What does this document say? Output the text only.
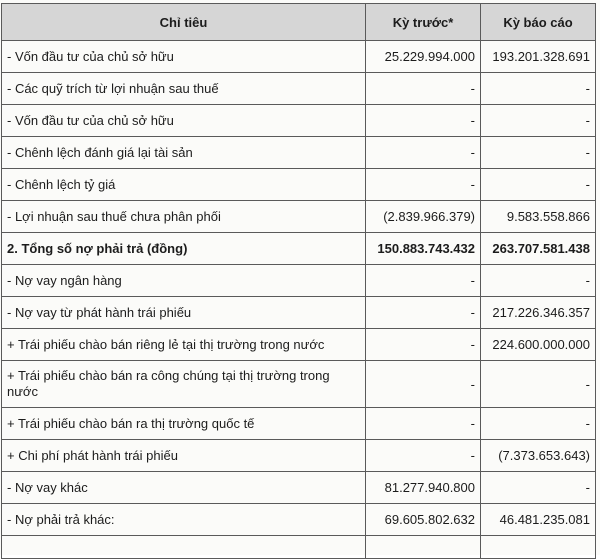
Chỉ tiêu	Kỳ trước*	Kỳ báo cáo
- Vốn đầu tư của chủ sở hữu	25.229.994.000	193.201.328.691
- Các quỹ trích từ lợi nhuận sau thuế	-	-
- Vốn đầu tư của chủ sở hữu	-	-
- Chênh lệch đánh giá lại tài sản	-	-
- Chênh lệch tỷ giá	-	-
- Lợi nhuận sau thuế chưa phân phối	(2.839.966.379)	9.583.558.866
2. Tổng số nợ phải trả (đồng)	150.883.743.432	263.707.581.438
- Nợ vay ngân hàng	-	-
- Nợ vay từ phát hành trái phiếu	-	217.226.346.357
+ Trái phiếu chào bán riêng lẻ tại thị trường trong nước	-	224.600.000.000
+ Trái phiếu chào bán ra công chúng tại thị trường trong nước	-	-
+ Trái phiếu chào bán ra thị trường quốc tế	-	-
+ Chi phí phát hành trái phiếu	-	(7.373.653.643)
- Nợ vay khác	81.277.940.800	-
- Nợ phải trả khác:	69.605.802.632	46.481.235.081
